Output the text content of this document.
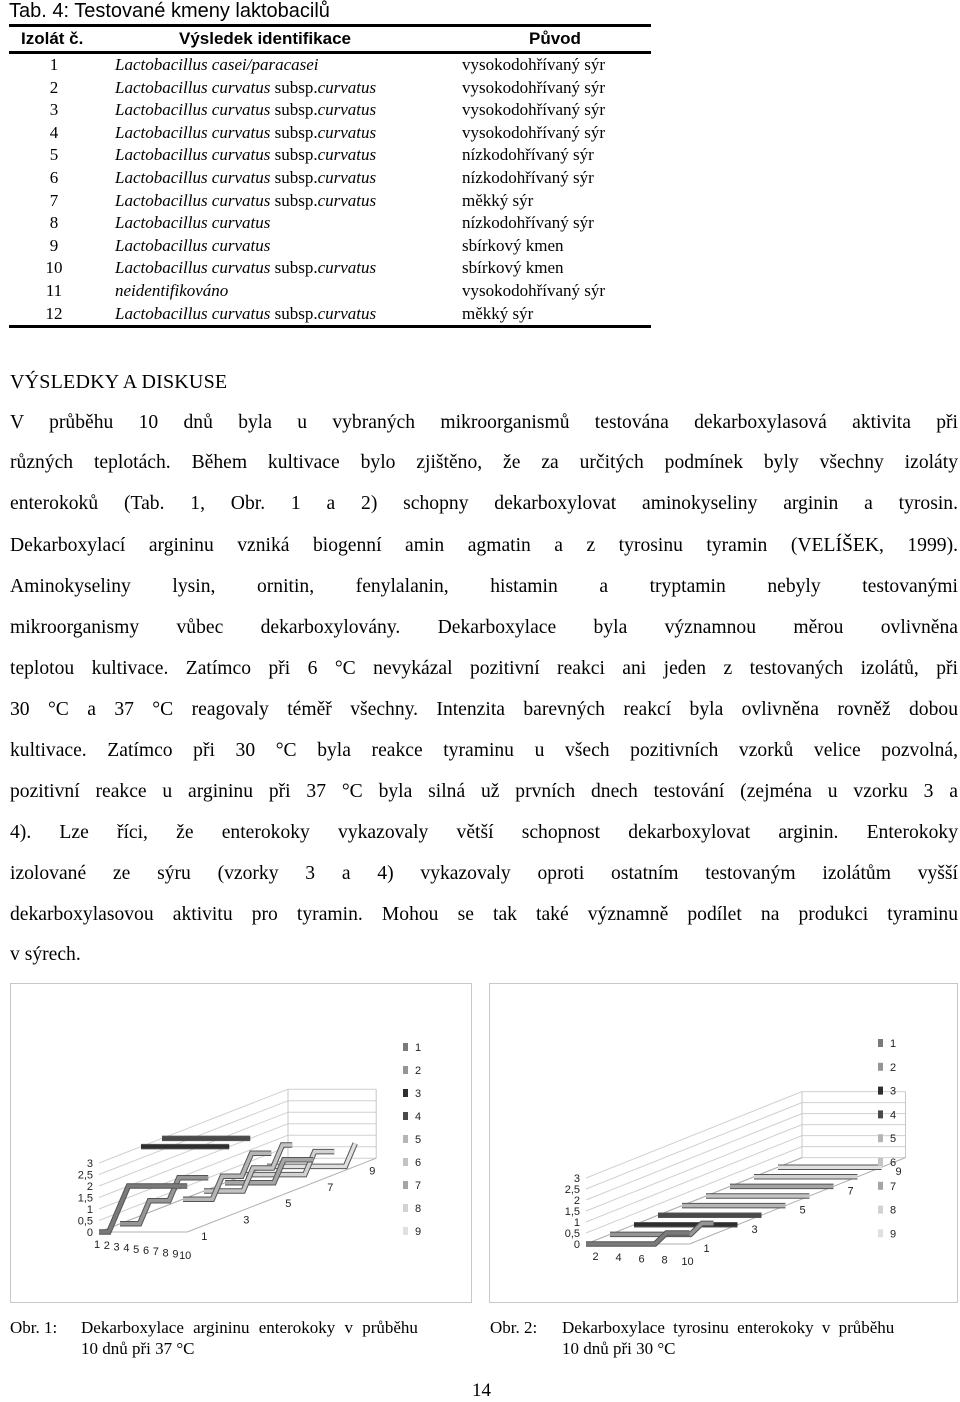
Tab. 4: Testované kmeny laktobacilů
Izolát č.	Výsledek identifikace	Původ
1	Lactobacillus casei/paracasei	vysokodohřívaný sýr
2	Lactobacillus curvatus subsp.curvatus	vysokodohřívaný sýr
3	Lactobacillus curvatus subsp.curvatus	vysokodohřívaný sýr
4	Lactobacillus curvatus subsp.curvatus	vysokodohřívaný sýr
5	Lactobacillus curvatus subsp.curvatus	nízkodohřívaný sýr
6	Lactobacillus curvatus subsp.curvatus	nízkodohřívaný sýr
7	Lactobacillus curvatus subsp.curvatus	měkký sýr
8	Lactobacillus curvatus	nízkodohřívaný sýr
9	Lactobacillus curvatus	sbírkový kmen
10	Lactobacillus curvatus subsp.curvatus	sbírkový kmen
11	neidentifikováno	vysokodohřívaný sýr
12	Lactobacillus curvatus subsp.curvatus	měkký sýr
VÝSLEDKY A DISKUSE
V průběhu 10 dnů byla u vybraných mikroorganismů testována dekarboxylasová aktivita při
různých teplotách. Během kultivace bylo zjištěno, že za určitých podmínek byly všechny izoláty
enterokoků (Tab. 1, Obr. 1 a 2) schopny dekarboxylovat aminokyseliny arginin a tyrosin.
Dekarboxylací argininu vzniká biogenní amin agmatin a z tyrosinu tyramin (VELÍŠEK, 1999).
Aminokyseliny lysin, ornitin, fenylalanin, histamin a tryptamin nebyly testovanými
mikroorganismy vůbec dekarboxylovány. Dekarboxylace byla významnou měrou ovlivněna
teplotou kultivace. Zatímco při 6 °C nevykázal pozitivní reakci ani jeden z testovaných izolátů, při
30 °C a 37 °C reagovaly téměř všechny. Intenzita barevných reakcí byla ovlivněna rovněž dobou
kultivace. Zatímco při 30 °C byla reakce tyraminu u všech pozitivních vzorků velice pozvolná,
pozitivní reakce u argininu při 37 °C byla silná už prvních dnech testování (zejména u vzorku 3 a
4). Lze říci, že enterokoky vykazovaly větší schopnost dekarboxylovat arginin. Enterokoky
izolované ze sýru (vzorky 3 a 4) vykazovaly oproti ostatním testovaným izolátům vyšší
dekarboxylasovou aktivitu pro tyramin. Mohou se tak také významně podílet na produkci tyraminu
v sýrech.
0
0,5
1
1,5
2
2,5
3
1 2 3 4 5 6 7 8 9 10
1
3
5
7
9
1
2
3
4
5
6
7
8
9
0
0,5
1
1,5
2
2,5
3
2 4 6 8 10
1
3
5
7
9
1
2
3
4
5
6
7
8
9
Obr. 1: Dekarboxylace argininu enterokoky v průběhu
10 dnů při 37 °C
Obr. 2: Dekarboxylace tyrosinu enterokoky v průběhu
10 dnů při 30 °C
14
